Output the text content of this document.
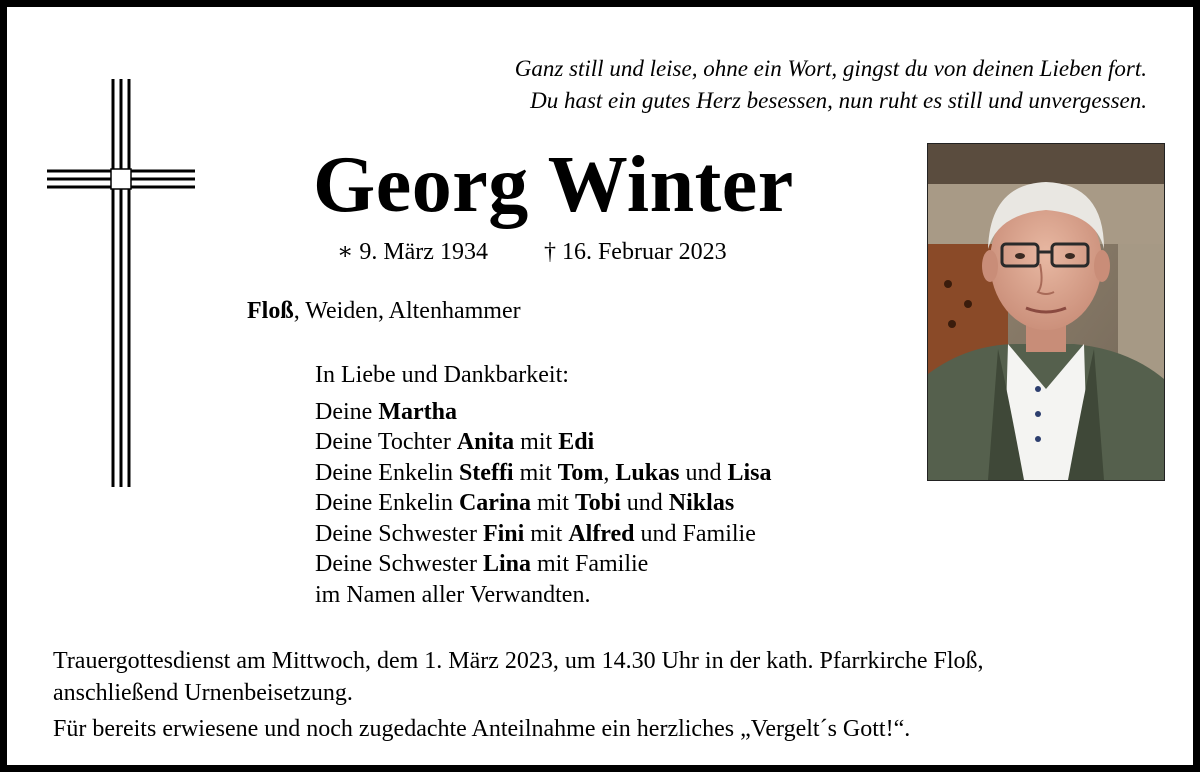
Ganz still und leise, ohne ein Wort, gingst du von deinen Lieben fort.
Du hast ein gutes Herz besessen, nun ruht es still und unvergessen.
Georg Winter
∗ 9. März 1934 † 16. Februar 2023
Floß, Weiden, Altenhammer
In Liebe und Dankbarkeit:
Deine Martha
Deine Tochter Anita mit Edi
Deine Enkelin Steffi mit Tom, Lukas und Lisa
Deine Enkelin Carina mit Tobi und Niklas
Deine Schwester Fini mit Alfred und Familie
Deine Schwester Lina mit Familie
im Namen aller Verwandten.
Trauergottesdienst am Mittwoch, dem 1. März 2023, um 14.30 Uhr in der kath. Pfarrkirche Floß,
anschließend Urnenbeisetzung.
Für bereits erwiesene und noch zugedachte Anteilnahme ein herzliches „Vergelt´s Gott!“.
